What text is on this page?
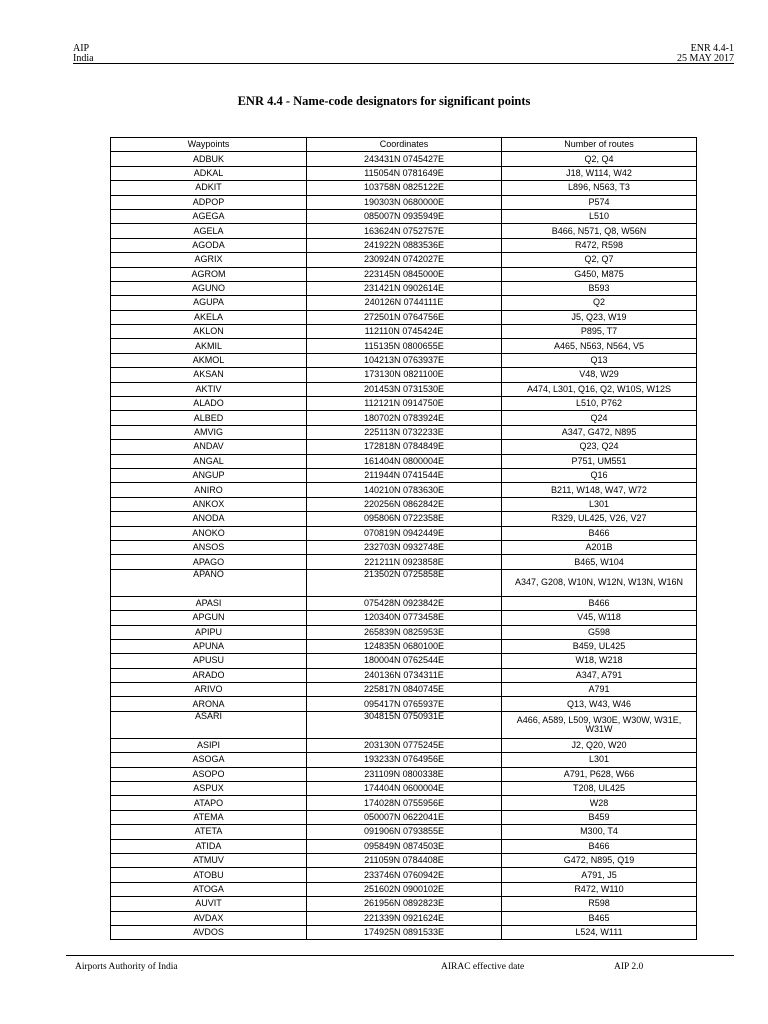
AIP
India
ENR 4.4-1
25 MAY 2017
ENR 4.4 - Name-code designators for significant points
Waypoints	Coordinates	Number of routes
ADBUK	243431N 0745427E	Q2, Q4
ADKAL	115054N 0781649E	J18, W114, W42
ADKIT	103758N 0825122E	L896, N563, T3
ADPOP	190303N 0680000E	P574
AGEGA	085007N 0935949E	L510
AGELA	163624N 0752757E	B466, N571, Q8, W56N
AGODA	241922N 0883536E	R472, R598
AGRIX	230924N 0742027E	Q2, Q7
AGROM	223145N 0845000E	G450, M875
AGUNO	231421N 0902614E	B593
AGUPA	240126N 0744111E	Q2
AKELA	272501N 0764756E	J5, Q23, W19
AKLON	112110N 0745424E	P895, T7
AKMIL	115135N 0800655E	A465, N563, N564, V5
AKMOL	104213N 0763937E	Q13
AKSAN	173130N 0821100E	V48, W29
AKTIV	201453N 0731530E	A474, L301, Q16, Q2, W10S, W12S
ALADO	112121N 0914750E	L510, P762
ALBED	180702N 0783924E	Q24
AMVIG	225113N 0732233E	A347, G472, N895
ANDAV	172818N 0784849E	Q23, Q24
ANGAL	161404N 0800004E	P751, UM551
ANGUP	211944N 0741544E	Q16
ANIRO	140210N 0783630E	B211, W148, W47, W72
ANKOX	220256N 0862842E	L301
ANODA	095806N 0722358E	R329, UL425, V26, V27
ANOKO	070819N 0942449E	B466
ANSOS	232703N 0932748E	A201B
APAGO	221211N 0923858E	B465, W104
APANO	213502N 0725858E	A347, G208, W10N, W12N, W13N, W16N
APASI	075428N 0923842E	B466
APGUN	120340N 0773458E	V45, W118
APIPU	265839N 0825953E	G598
APUNA	124835N 0680100E	B459, UL425
APUSU	180004N 0762544E	W18, W218
ARADO	240136N 0734311E	A347, A791
ARIVO	225817N 0840745E	A791
ARONA	095417N 0765937E	Q13, W43, W46
ASARI	304815N 0750931E	A466, A589, L509, W30E, W30W, W31E, W31W
ASIPI	203130N 0775245E	J2, Q20, W20
ASOGA	193233N 0764956E	L301
ASOPO	231109N 0800338E	A791, P628, W66
ASPUX	174404N 0600004E	T208, UL425
ATAPO	174028N 0755956E	W28
ATEMA	050007N 0622041E	B459
ATETA	091906N 0793855E	M300, T4
ATIDA	095849N 0874503E	B466
ATMUV	211059N 0784408E	G472, N895, Q19
ATOBU	233746N 0760942E	A791, J5
ATOGA	251602N 0900102E	R472, W110
AUVIT	261956N 0892823E	R598
AVDAX	221339N 0921624E	B465
AVDOS	174925N 0891533E	L524, W111
Airports Authority of India	AIRAC effective date	AIP 2.0
